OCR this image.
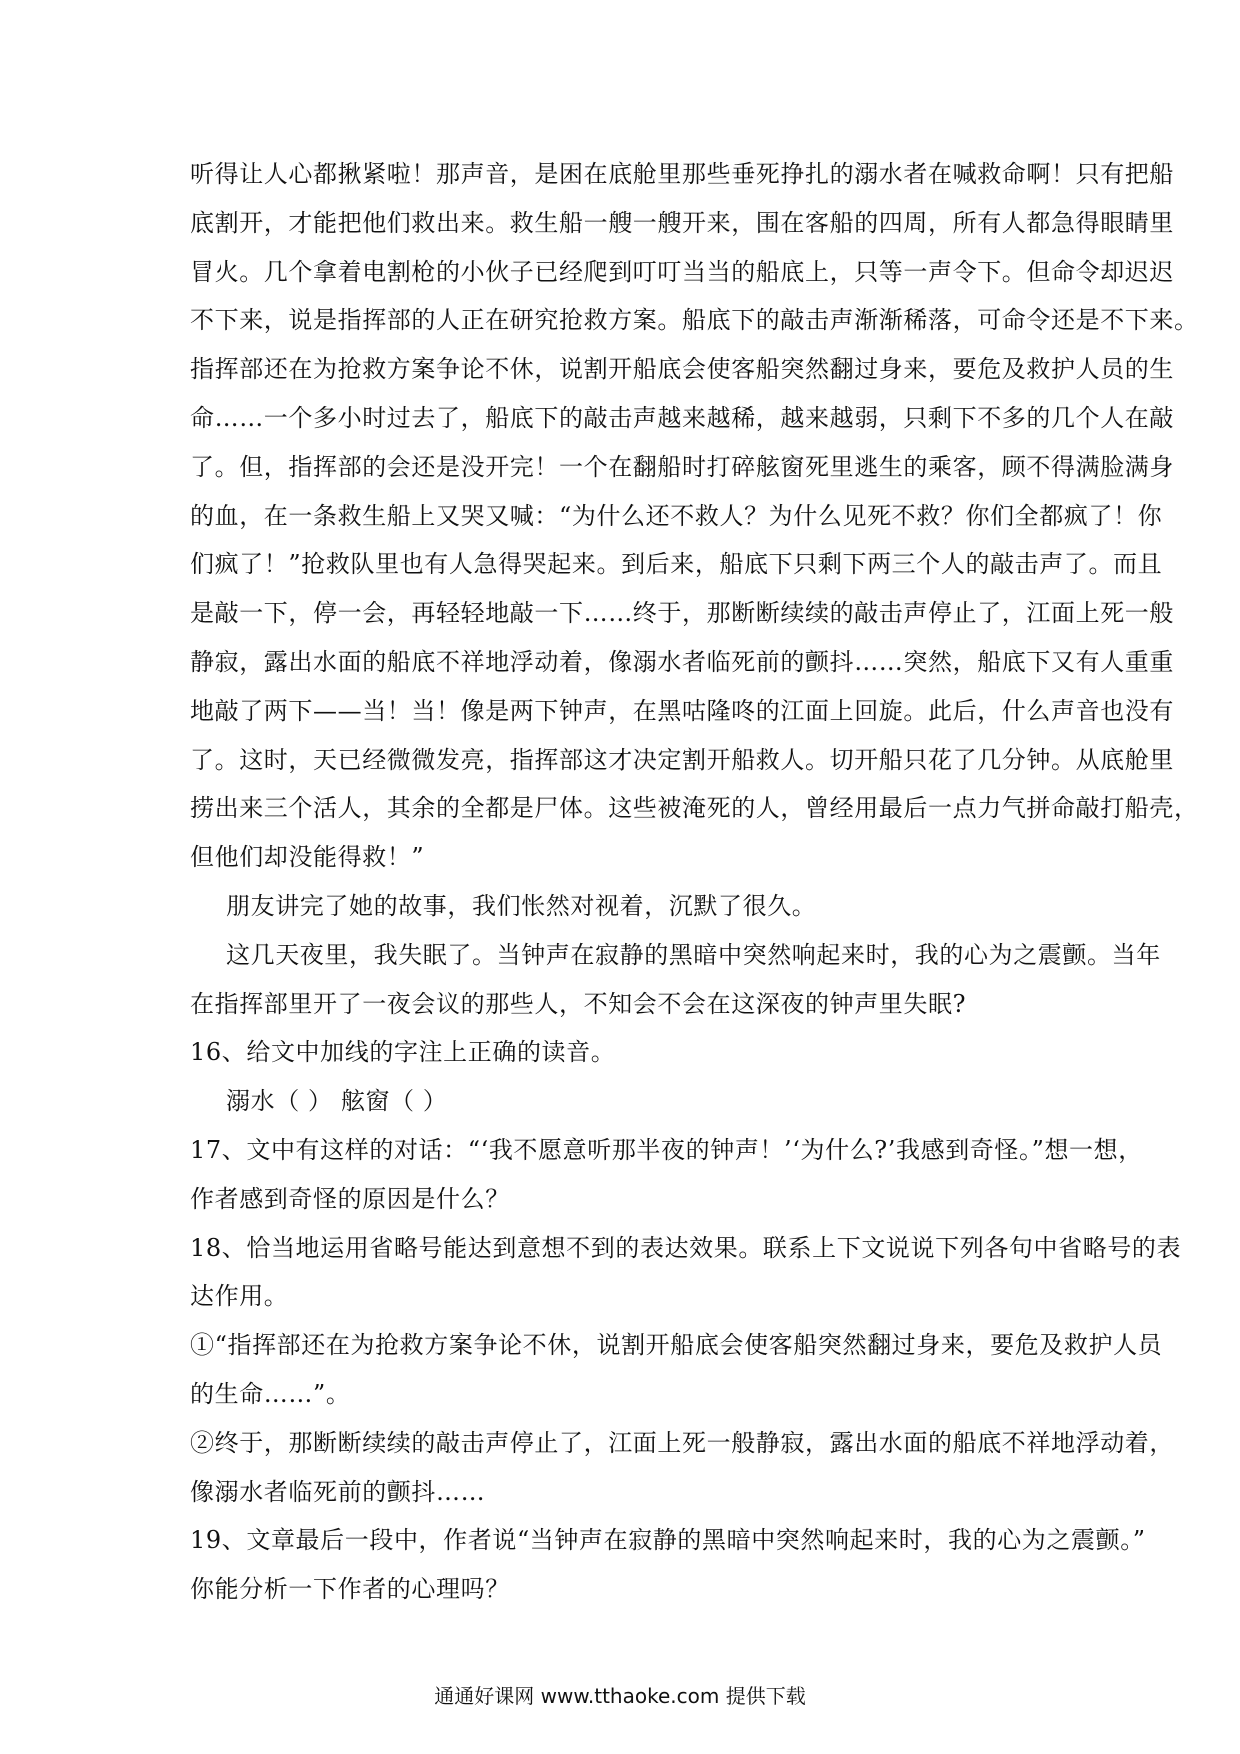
听得让人心都揪紧啦！那声音，是困在底舱里那些垂死挣扎的溺水者在喊救命啊！只有把船
底割开，才能把他们救出来。救生船一艘一艘开来，围在客船的四周，所有人都急得眼睛里
冒火。几个拿着电割枪的小伙子已经爬到叮叮当当的船底上，只等一声令下。但命令却迟迟
不下来，说是指挥部的人正在研究抢救方案。船底下的敲击声渐渐稀落，可命令还是不下来。
指挥部还在为抢救方案争论不休，说割开船底会使客船突然翻过身来，要危及救护人员的生
命……一个多小时过去了，船底下的敲击声越来越稀，越来越弱，只剩下不多的几个人在敲
了。但，指挥部的会还是没开完！一个在翻船时打碎舷窗死里逃生的乘客，顾不得满脸满身
的血，在一条救生船上又哭又喊：“为什么还不救人？为什么见死不救？你们全都疯了！你
们疯了！”抢救队里也有人急得哭起来。到后来，船底下只剩下两三个人的敲击声了。而且
是敲一下，停一会，再轻轻地敲一下……终于，那断断续续的敲击声停止了，江面上死一般
静寂，露出水面的船底不祥地浮动着，像溺水者临死前的颤抖……突然，船底下又有人重重
地敲了两下——当！当！像是两下钟声，在黑咕隆咚的江面上回旋。此后，什么声音也没有
了。这时，天已经微微发亮，指挥部这才决定割开船救人。切开船只花了几分钟。从底舱里
捞出来三个活人，其余的全都是尸体。这些被淹死的人，曾经用最后一点力气拼命敲打船壳，
但他们却没能得救！”
朋友讲完了她的故事，我们怅然对视着，沉默了很久。
这几天夜里，我失眠了。当钟声在寂静的黑暗中突然响起来时，我的心为之震颤。当年
在指挥部里开了一夜会议的那些人，不知会不会在这深夜的钟声里失眠?
16、给文中加线的字注上正确的读音。
溺水（ ） 舷窗（ ）
17、文中有这样的对话：“‘我不愿意听那半夜的钟声！’‘为什么?’我感到奇怪。”想一想，
作者感到奇怪的原因是什么？
18、恰当地运用省略号能达到意想不到的表达效果。联系上下文说说下列各句中省略号的表
达作用。
①“指挥部还在为抢救方案争论不休，说割开船底会使客船突然翻过身来，要危及救护人员
的生命……”。
②终于，那断断续续的敲击声停止了，江面上死一般静寂，露出水面的船底不祥地浮动着，
像溺水者临死前的颤抖……
19、文章最后一段中，作者说“当钟声在寂静的黑暗中突然响起来时，我的心为之震颤。”
你能分析一下作者的心理吗？
通通好课网 www.tthaoke.com 提供下载
